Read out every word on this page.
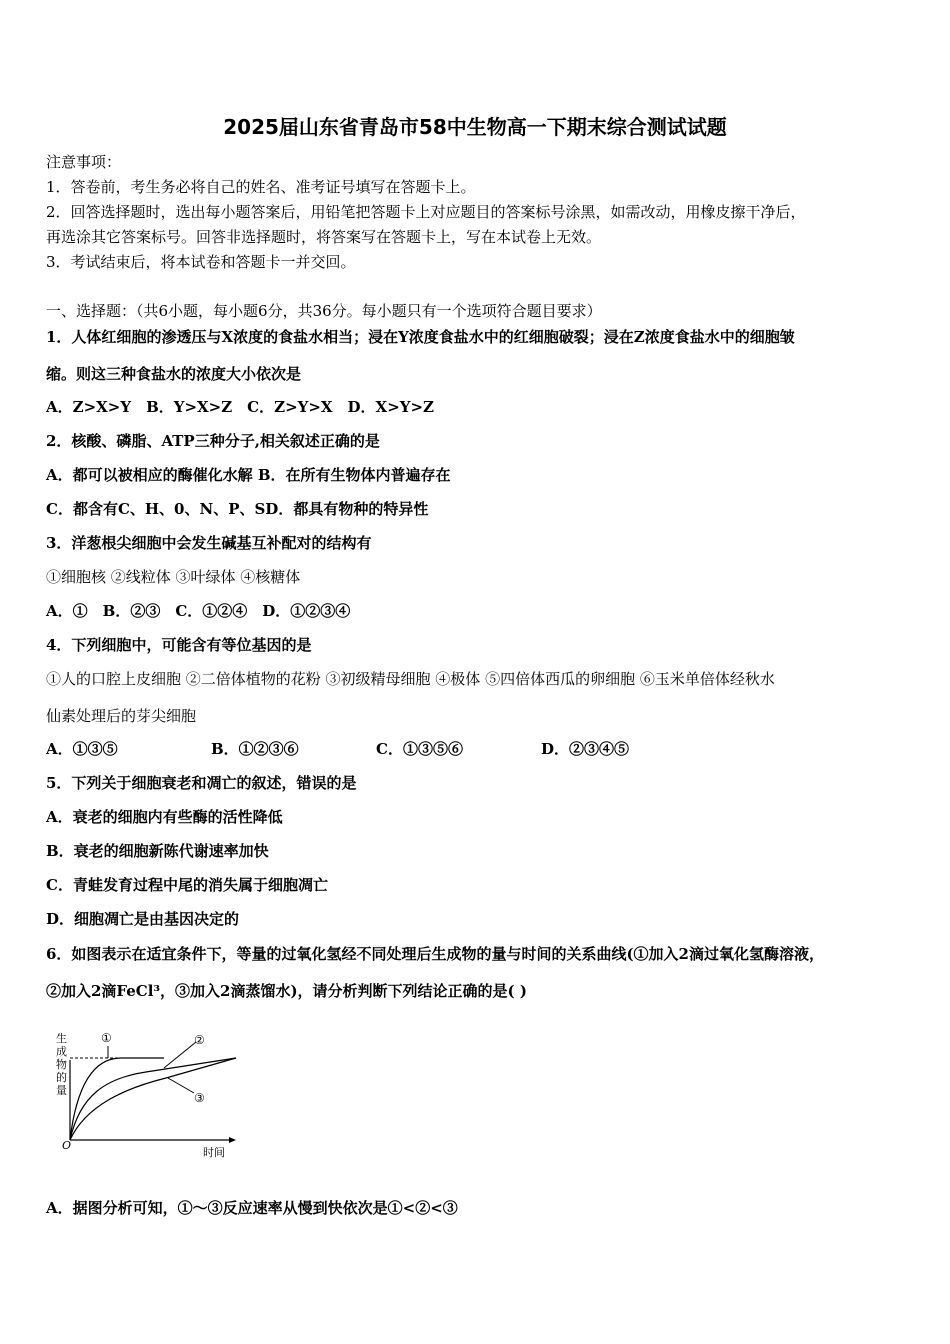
2025届山东省青岛市58中生物高一下期末综合测试试题
注意事项：
1．答卷前，考生务必将自己的姓名、准考证号填写在答题卡上。
2．回答选择题时，选出每小题答案后，用铅笔把答题卡上对应题目的答案标号涂黑，如需改动，用橡皮擦干净后，
再选涂其它答案标号。回答非选择题时，将答案写在答题卡上，写在本试卷上无效。
3．考试结束后，将本试卷和答题卡一并交回。
一、选择题：（共6小题，每小题6分，共36分。每小题只有一个选项符合题目要求）
1．人体红细胞的渗透压与X浓度的食盐水相当；浸在Y浓度食盐水中的红细胞破裂；浸在Z浓度食盐水中的细胞皱
缩。则这三种食盐水的浓度大小依次是
A．Z>X>Y　B．Y>X>Z　C．Z>Y>X　D．X>Y>Z
2．核酸、磷脂、ATP三种分子,相关叙述正确的是
A．都可以被相应的酶催化水解 B．在所有生物体内普遍存在
C．都含有C、H、0、N、P、SD．都具有物种的特异性
3．洋葱根尖细胞中会发生碱基互补配对的结构有
①细胞核 ②线粒体 ③叶绿体 ④核糖体
A．①　B．②③　C．①②④　D．①②③④
4．下列细胞中，可能含有等位基因的是
①人的口腔上皮细胞 ②二倍体植物的花粉 ③初级精母细胞 ④极体 ⑤四倍体西瓜的卵细胞 ⑥玉米单倍体经秋水
仙素处理后的芽尖细胞
A．①③⑤	B．①②③⑥	C．①③⑤⑥	D．②③④⑤
5．下列关于细胞衰老和凋亡的叙述，错误的是
A．衰老的细胞内有些酶的活性降低
B．衰老的细胞新陈代谢速率加快
C．青蛙发育过程中尾的消失属于细胞凋亡
D．细胞凋亡是由基因决定的
6．如图表示在适宜条件下，等量的过氧化氢经不同处理后生成物的量与时间的关系曲线(①加入2滴过氧化氢酶溶液，
②加入2滴FeCl³，③加入2滴蒸馏水)，请分析判断下列结论正确的是( )
生
成
物
的
量
O
时间
①	②
③
A．据图分析可知，①～③反应速率从慢到快依次是①<②<③
